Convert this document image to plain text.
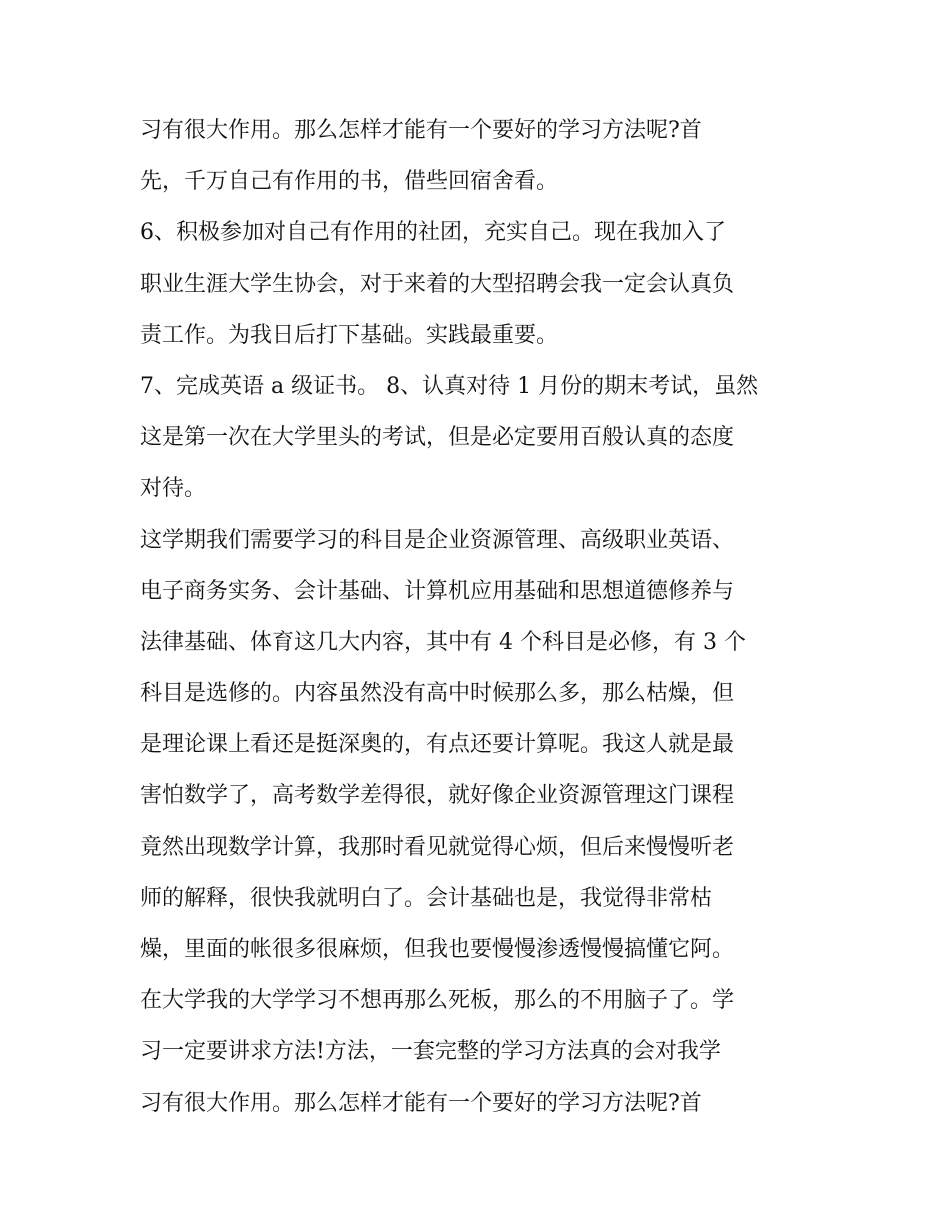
习有很大作用。那么怎样才能有一个要好的学习方法呢?首
先，千万自己有作用的书，借些回宿舍看。
6、积极参加对自己有作用的社团，充实自己。现在我加入了
职业生涯大学生协会，对于来着的大型招聘会我一定会认真负
责工作。为我日后打下基础。实践最重要。
7、完成英语 a 级证书。 8、认真对待 1 月份的期末考试，虽然
这是第一次在大学里头的考试，但是必定要用百般认真的态度
对待。
这学期我们需要学习的科目是企业资源管理、高级职业英语、
电子商务实务、会计基础、计算机应用基础和思想道德修养与
法律基础、体育这几大内容，其中有 4 个科目是必修，有 3 个
科目是选修的。内容虽然没有高中时候那么多，那么枯燥，但
是理论课上看还是挺深奥的，有点还要计算呢。我这人就是最
害怕数学了，高考数学差得很，就好像企业资源管理这门课程
竟然出现数学计算，我那时看见就觉得心烦，但后来慢慢听老
师的解释，很快我就明白了。会计基础也是，我觉得非常枯
燥，里面的帐很多很麻烦，但我也要慢慢渗透慢慢搞懂它阿。
在大学我的大学学习不想再那么死板，那么的不用脑子了。学
习一定要讲求方法!方法，一套完整的学习方法真的会对我学
习有很大作用。那么怎样才能有一个要好的学习方法呢?首
